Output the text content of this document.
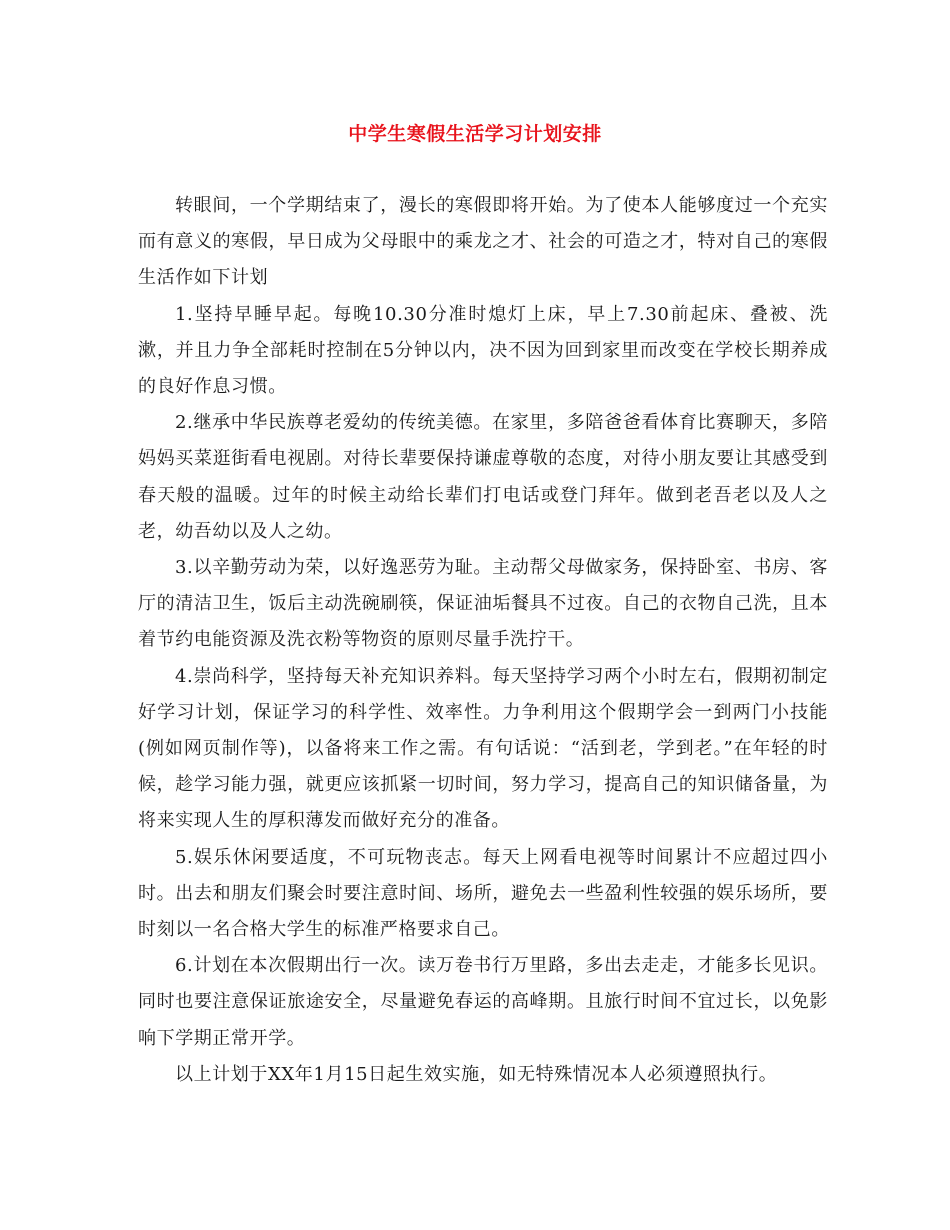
中学生寒假生活学习计划安排

转眼间，一个学期结束了，漫长的寒假即将开始。为了使本人能够度过一个充实而有意义的寒假，早日成为父母眼中的乘龙之才、社会的可造之才，特对自己的寒假生活作如下计划

1.坚持早睡早起。每晚10.30分准时熄灯上床，早上7.30前起床、叠被、洗漱，并且力争全部耗时控制在5分钟以内，决不因为回到家里而改变在学校长期养成的良好作息习惯。

2.继承中华民族尊老爱幼的传统美德。在家里，多陪爸爸看体育比赛聊天，多陪妈妈买菜逛街看电视剧。对待长辈要保持谦虚尊敬的态度，对待小朋友要让其感受到春天般的温暖。过年的时候主动给长辈们打电话或登门拜年。做到老吾老以及人之老，幼吾幼以及人之幼。

3.以辛勤劳动为荣，以好逸恶劳为耻。主动帮父母做家务，保持卧室、书房、客厅的清洁卫生，饭后主动洗碗刷筷，保证油垢餐具不过夜。自己的衣物自己洗，且本着节约电能资源及洗衣粉等物资的原则尽量手洗拧干。

4.崇尚科学，坚持每天补充知识养料。每天坚持学习两个小时左右，假期初制定好学习计划，保证学习的科学性、效率性。力争利用这个假期学会一到两门小技能(例如网页制作等)，以备将来工作之需。有句话说：“活到老，学到老。”在年轻的时候，趁学习能力强，就更应该抓紧一切时间，努力学习，提高自己的知识储备量，为将来实现人生的厚积薄发而做好充分的准备。

5.娱乐休闲要适度，不可玩物丧志。每天上网看电视等时间累计不应超过四小时。出去和朋友们聚会时要注意时间、场所，避免去一些盈利性较强的娱乐场所，要时刻以一名合格大学生的标准严格要求自己。

6.计划在本次假期出行一次。读万卷书行万里路，多出去走走，才能多长见识。同时也要注意保证旅途安全，尽量避免春运的高峰期。且旅行时间不宜过长，以免影响下学期正常开学。

以上计划于XX年1月15日起生效实施，如无特殊情况本人必须遵照执行。
